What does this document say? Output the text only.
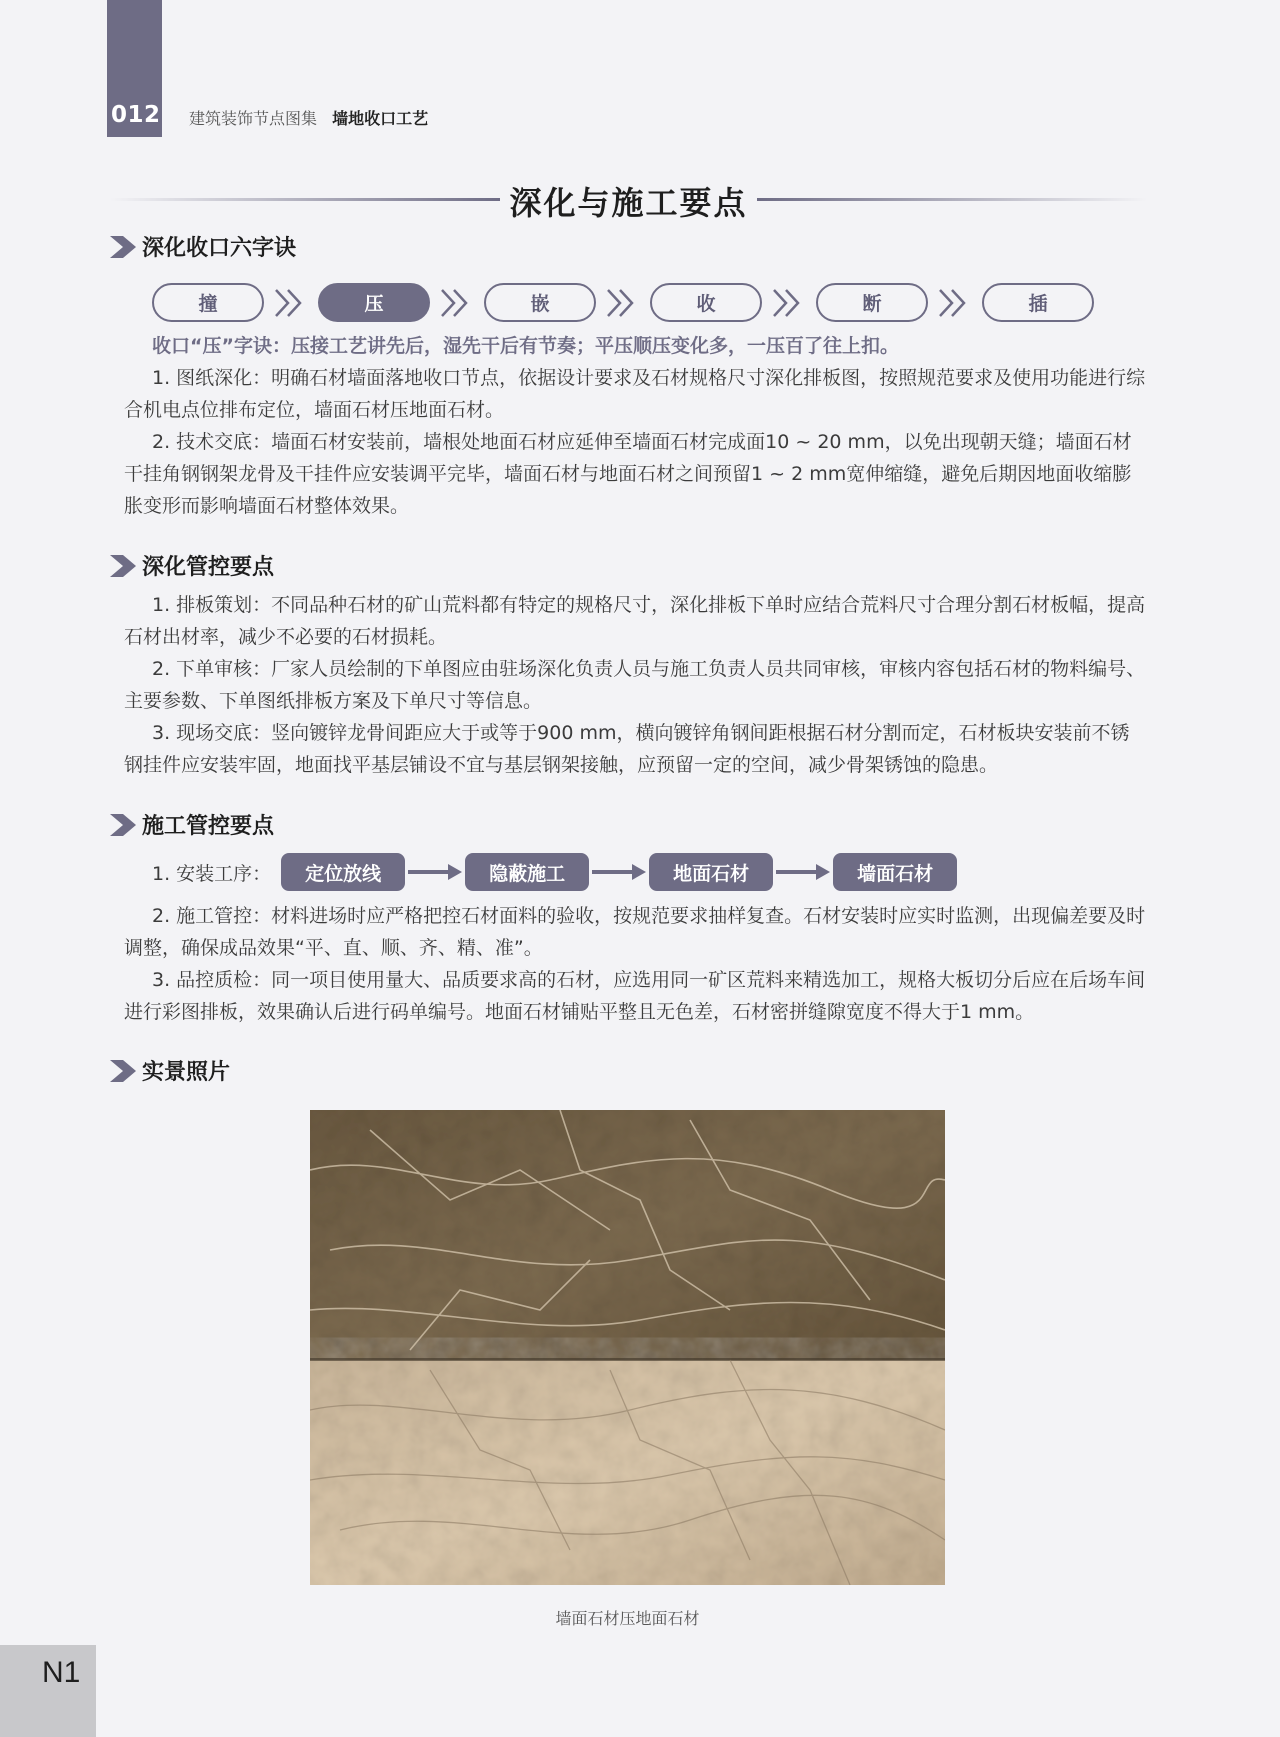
012 建筑装饰节点图集 墙地收口工艺
深化与施工要点
深化收口六字诀
撞	压	嵌	收	断	插
收口“压”字诀：压接工艺讲先后，湿先干后有节奏；平压顺压变化多，一压百了往上扣。

1. 图纸深化：明确石材墙面落地收口节点，依据设计要求及石材规格尺寸深化排板图，按照规范要求及使用功能进行综合机电点位排布定位，墙面石材压地面石材。

2. 技术交底：墙面石材安装前，墙根处地面石材应延伸至墙面石材完成面10 ~ 20 mm，以免出现朝天缝；墙面石材干挂角钢钢架龙骨及干挂件应安装调平完毕，墙面石材与地面石材之间预留1 ~ 2 mm宽伸缩缝，避免后期因地面收缩膨胀变形而影响墙面石材整体效果。

深化管控要点

1. 排板策划：不同品种石材的矿山荒料都有特定的规格尺寸，深化排板下单时应结合荒料尺寸合理分割石材板幅，提高石材出材率，减少不必要的石材损耗。

2. 下单审核：厂家人员绘制的下单图应由驻场深化负责人员与施工负责人员共同审核，审核内容包括石材的物料编号、主要参数、下单图纸排板方案及下单尺寸等信息。

3. 现场交底：竖向镀锌龙骨间距应大于或等于900 mm，横向镀锌角钢间距根据石材分割而定，石材板块安装前不锈钢挂件应安装牢固，地面找平基层铺设不宜与基层钢架接触，应预留一定的空间，减少骨架锈蚀的隐患。

施工管控要点
1. 安装工序：	定位放线	隐蔽施工	地面石材	墙面石材

2. 施工管控：材料进场时应严格把控石材面料的验收，按规范要求抽样复查。石材安装时应实时监测，出现偏差要及时调整，确保成品效果“平、直、顺、齐、精、准”。

3. 品控质检：同一项目使用量大、品质要求高的石材，应选用同一矿区荒料来精选加工，规格大板切分后应在后场车间进行彩图排板，效果确认后进行码单编号。地面石材铺贴平整且无色差，石材密拼缝隙宽度不得大于1 mm。

实景照片
墙面石材压地面石材
N1
